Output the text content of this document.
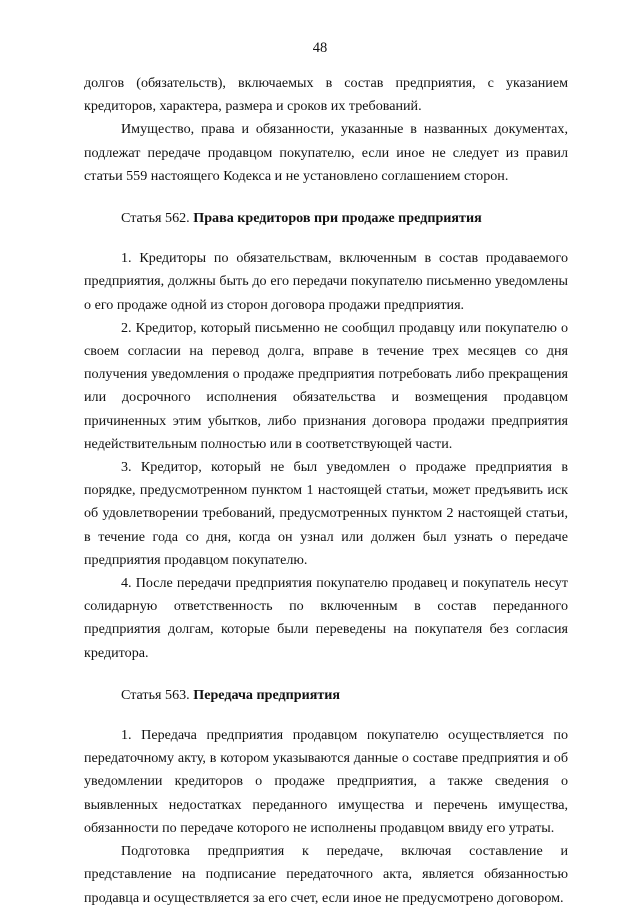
48

долгов (обязательств), включаемых в состав предприятия, с указанием кредиторов, характера, размера и сроков их требований.

Имущество, права и обязанности, указанные в названных документах, подлежат передаче продавцом покупателю, если иное не следует из правил статьи 559 настоящего Кодекса и не установлено соглашением сторон.

Статья 562. Права кредиторов при продаже предприятия

1. Кредиторы по обязательствам, включенным в состав продаваемого предприятия, должны быть до его передачи покупателю письменно уведомлены о его продаже одной из сторон договора продажи предприятия.

2. Кредитор, который письменно не сообщил продавцу или покупателю о своем согласии на перевод долга, вправе в течение трех месяцев со дня получения уведомления о продаже предприятия потребовать либо прекращения или досрочного исполнения обязательства и возмещения продавцом причиненных этим убытков, либо признания договора продажи предприятия недействительным полностью или в соответствующей части.

3. Кредитор, который не был уведомлен о продаже предприятия в порядке, предусмотренном пунктом 1 настоящей статьи, может предъявить иск об удовлетворении требований, предусмотренных пунктом 2 настоящей статьи, в течение года со дня, когда он узнал или должен был узнать о передаче предприятия продавцом покупателю.

4. После передачи предприятия покупателю продавец и покупатель несут солидарную ответственность по включенным в состав переданного предприятия долгам, которые были переведены на покупателя без согласия кредитора.

Статья 563. Передача предприятия

1. Передача предприятия продавцом покупателю осуществляется по передаточному акту, в котором указываются данные о составе предприятия и об уведомлении кредиторов о продаже предприятия, а также сведения о выявленных недостатках переданного имущества и перечень имущества, обязанности по передаче которого не исполнены продавцом ввиду его утраты.

Подготовка предприятия к передаче, включая составление и представление на подписание передаточного акта, является обязанностью продавца и осуществляется за его счет, если иное не предусмотрено договором.
